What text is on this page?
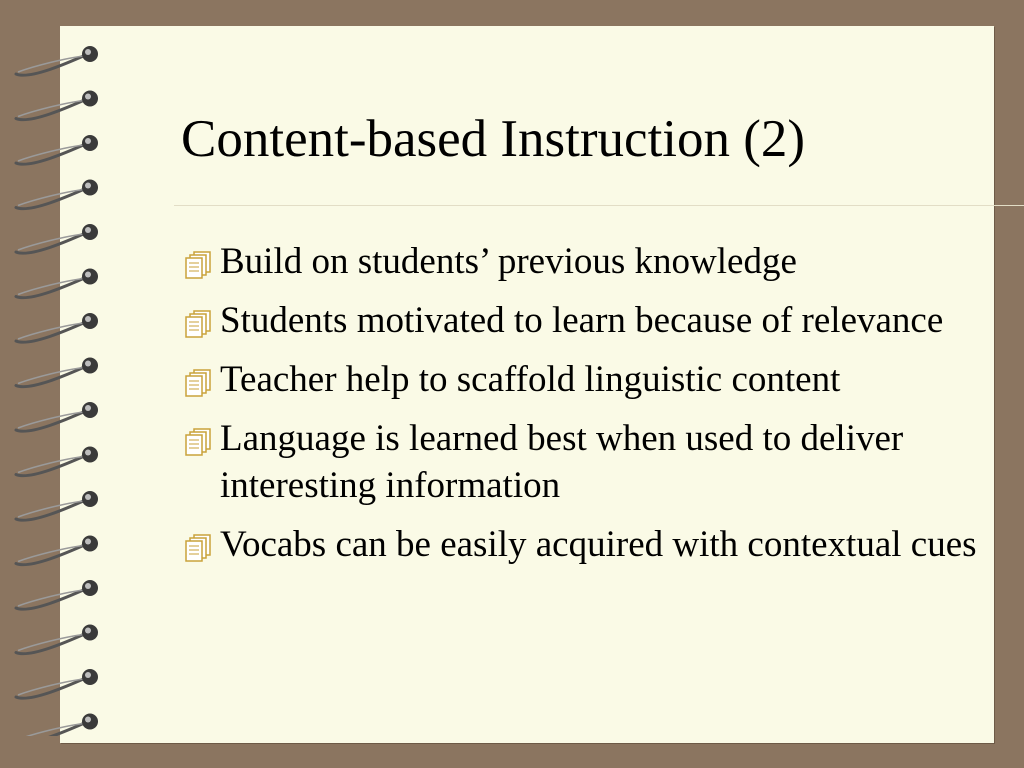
Content-based Instruction (2)
Build on students’ previous knowledge
Students motivated to learn because of relevance
Teacher help to scaffold linguistic content
Language is learned best when used to deliver interesting information
Vocabs can be easily acquired with contextual cues
